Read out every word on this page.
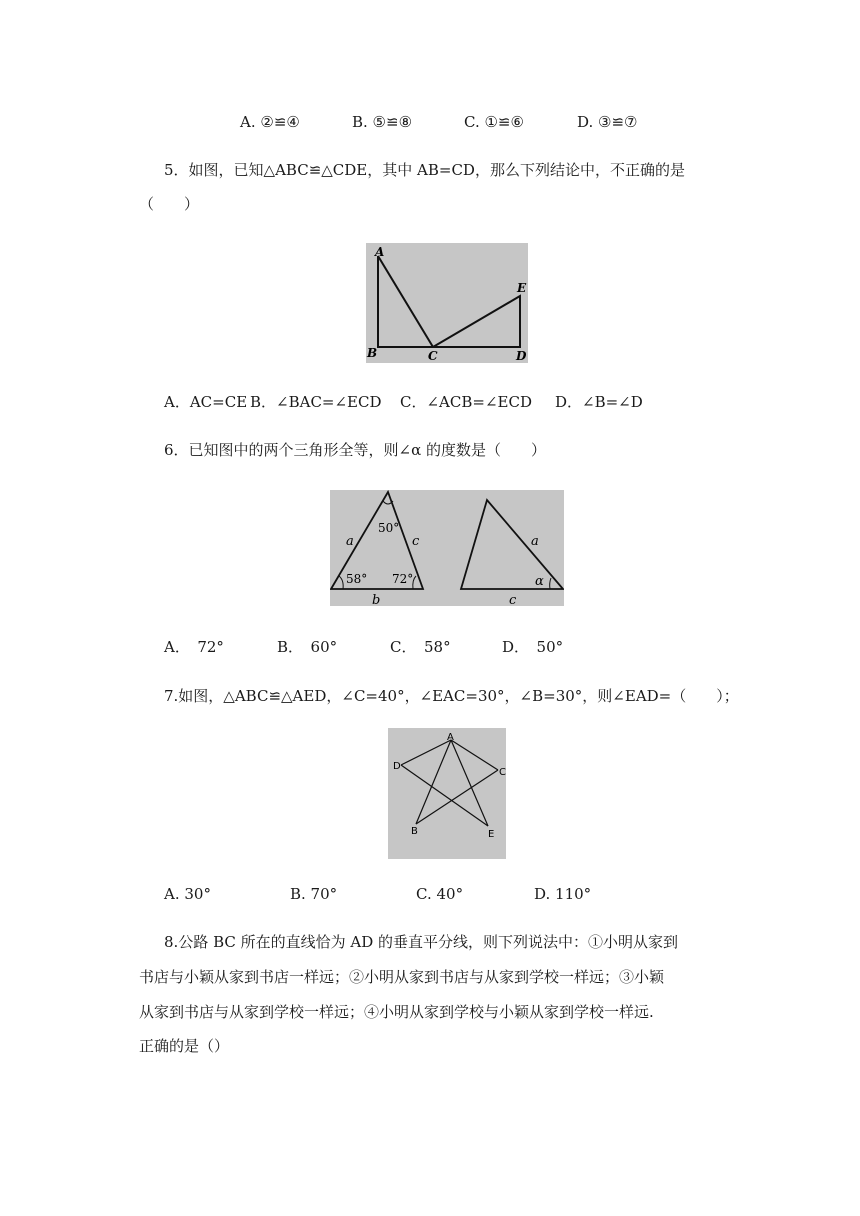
A. ②≌④	B. ⑤≌⑧	C. ①≌⑥	D. ③≌⑦
5．如图，已知△ABC≌△CDE，其中 AB=CD，那么下列结论中，不正确的是
（　　）
A
B	C	D
E
A．AC=CE B．∠BAC=∠ECD C．∠ACB=∠ECD D．∠B=∠D
6．已知图中的两个三角形全等，则∠α 的度数是（　　）
a	c
b
50°
58° 72°
a
c
α
A．　72°	B．　60°	C．　58°	D．　50°
7.如图，△ABC≌△AED，∠C=40°，∠EAC=30°，∠B=30°，则∠EAD=（　　）；
A
D
C
B	E
A. 30°	B. 70°	C. 40°	D. 110°
8.公路 BC 所在的直线恰为 AD 的垂直平分线，则下列说法中：①小明从家到
书店与小颖从家到书店一样远；②小明从家到书店与从家到学校一样远；③小颖
从家到书店与从家到学校一样远；④小明从家到学校与小颖从家到学校一样远.
正确的是（）
